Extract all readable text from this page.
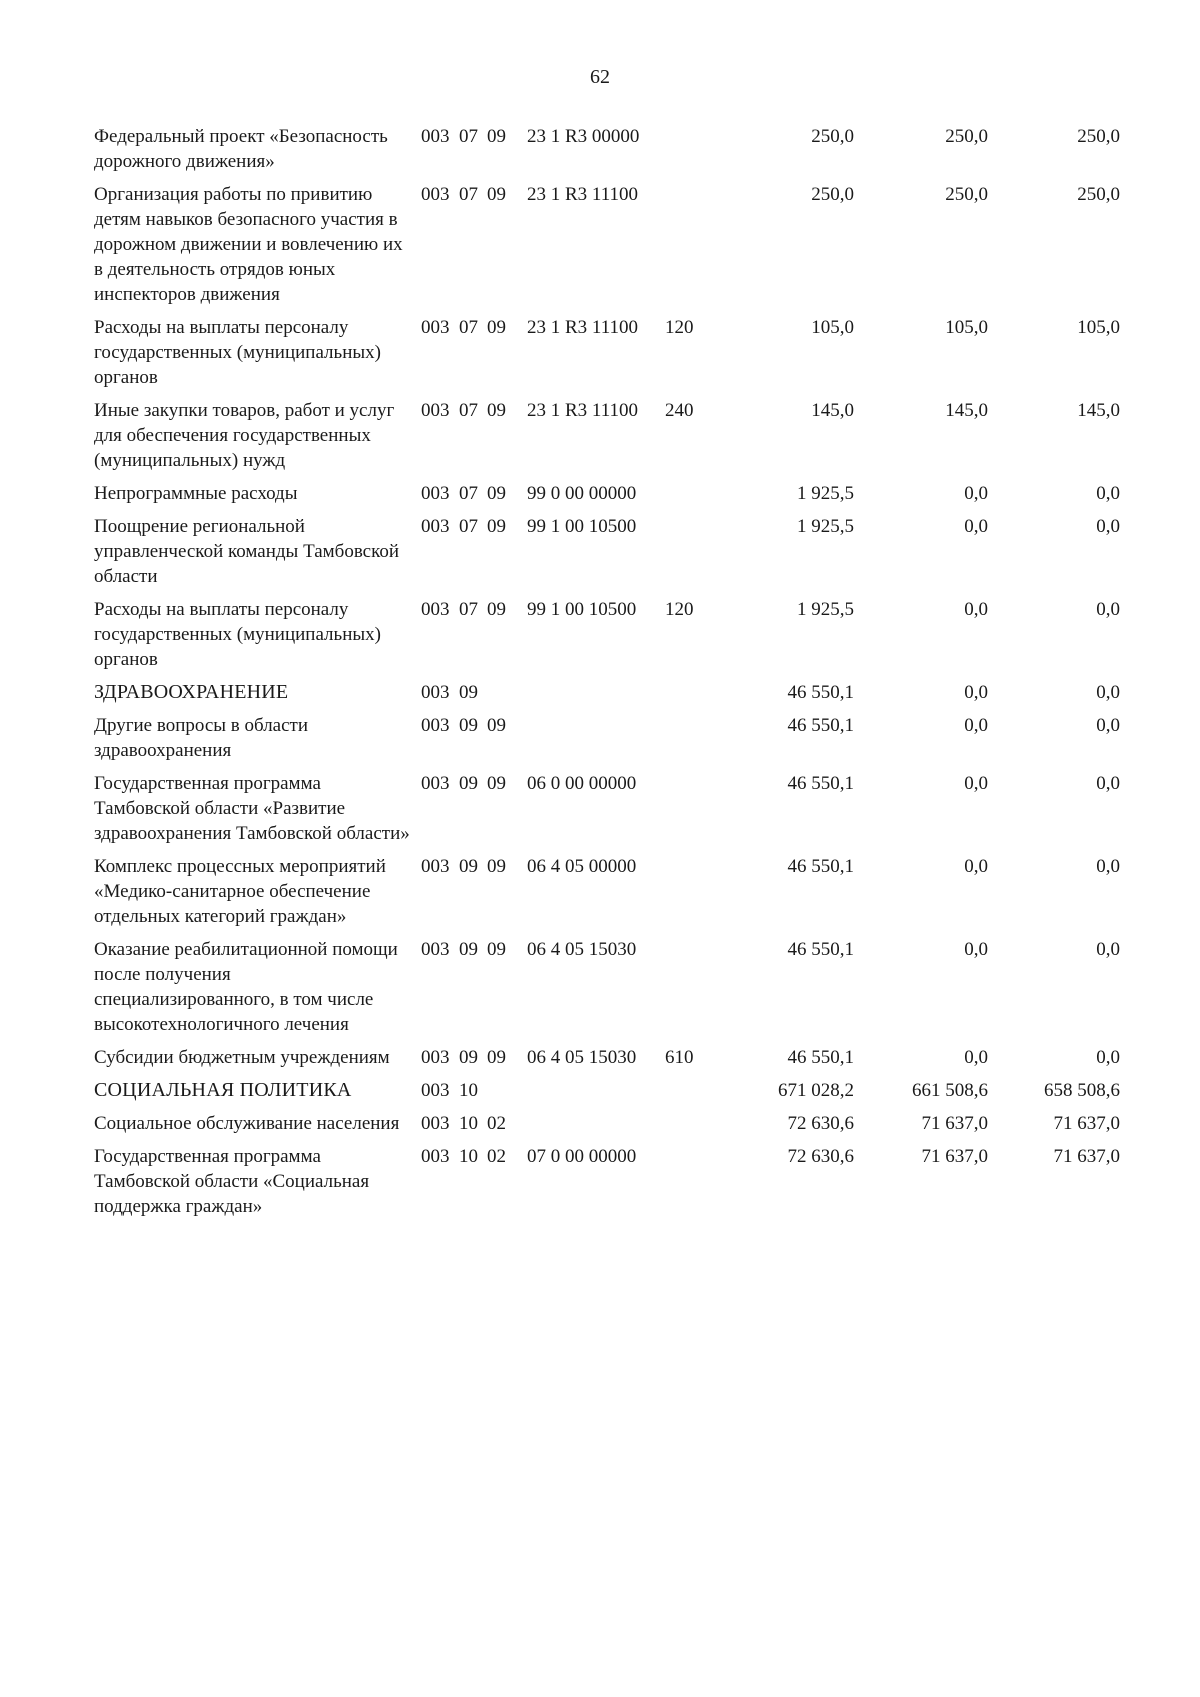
62
Федеральный проект «Безопасность дорожного движения»
003 07 09	23 1 R3 00000	250,0	250,0	250,0
Организация работы по привитию детям навыков безопасного участия в дорожном движении и вовлечению их в деятельность отрядов юных инспекторов движения
003 07 09	23 1 R3 11100	250,0	250,0	250,0
Расходы на выплаты персоналу государственных (муниципальных) органов
003 07 09	23 1 R3 11100	120	105,0	105,0	105,0
Иные закупки товаров, работ и услуг для обеспечения государственных (муниципальных) нужд
003 07 09	23 1 R3 11100	240	145,0	145,0	145,0
Непрограммные расходы	003 07 09	99 0 00 00000	1 925,5	0,0	0,0
Поощрение региональной управленческой команды Тамбовской области
003 07 09	99 1 00 10500	1 925,5	0,0	0,0
Расходы на выплаты персоналу государственных (муниципальных) органов
003 07 09	99 1 00 10500	120	1 925,5	0,0	0,0
ЗДРАВООХРАНЕНИЕ	003 09	46 550,1	0,0	0,0
Другие вопросы в области здравоохранения
003 09 09	46 550,1	0,0	0,0
Государственная программа Тамбовской области «Развитие здравоохранения Тамбовской области»
003 09 09	06 0 00 00000	46 550,1	0,0	0,0
Комплекс процессных мероприятий «Медико-санитарное обеспечение отдельных категорий граждан»
003 09 09	06 4 05 00000	46 550,1	0,0	0,0
Оказание реабилитационной помощи после получения специализированного, в том числе высокотехнологичного лечения
003 09 09	06 4 05 15030	46 550,1	0,0	0,0
Субсидии бюджетным учреждениям	003 09 09	06 4 05 15030	610	46 550,1	0,0	0,0
СОЦИАЛЬНАЯ ПОЛИТИКА	003 10	671 028,2	661 508,6	658 508,6
Социальное обслуживание населения	003 10 02	72 630,6	71 637,0	71 637,0
Государственная программа Тамбовской области «Социальная поддержка граждан»
003 10 02	07 0 00 00000	72 630,6	71 637,0	71 637,0
